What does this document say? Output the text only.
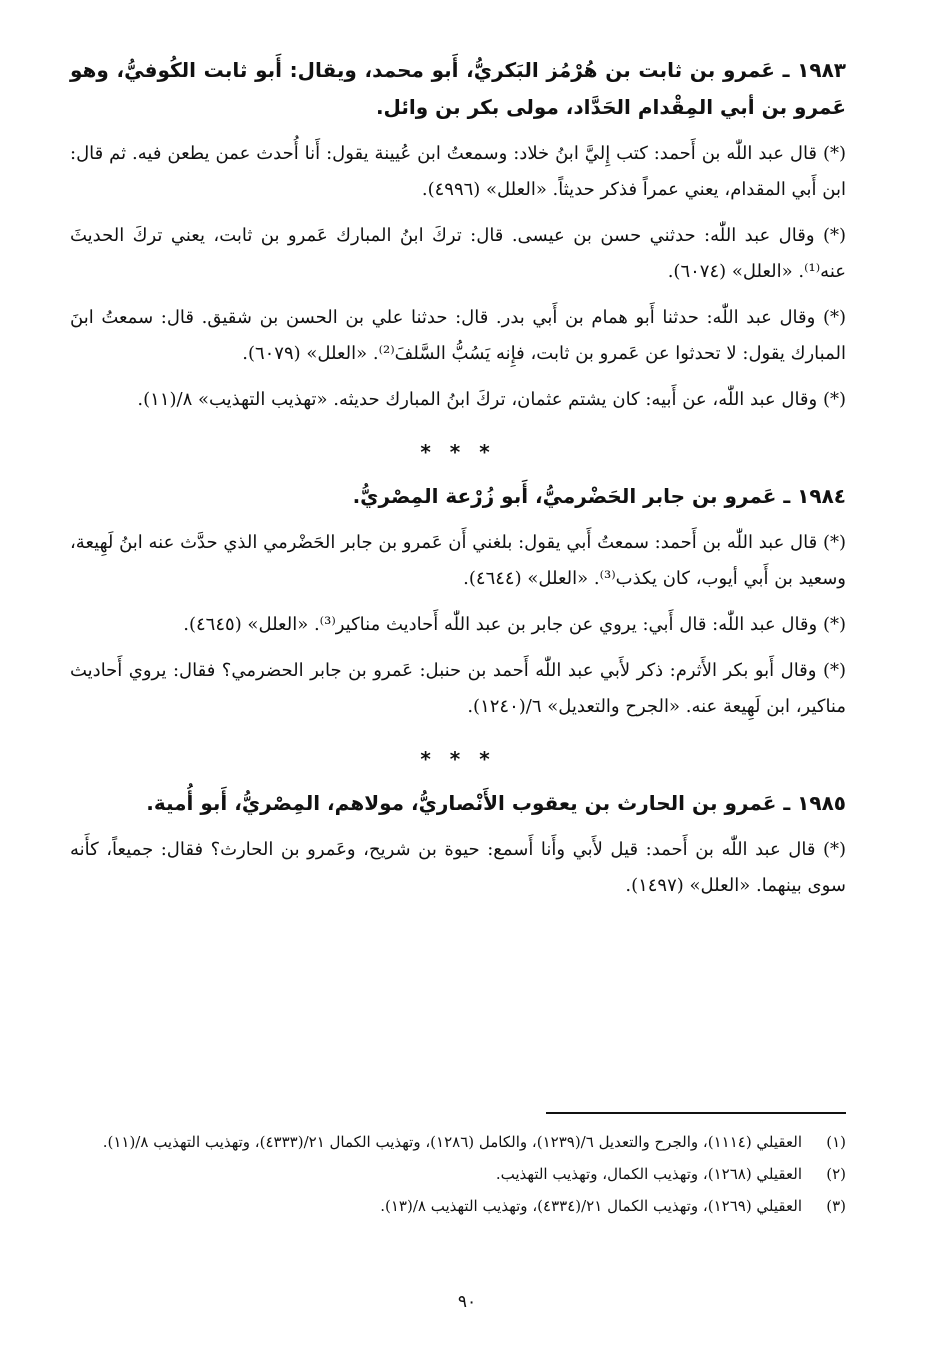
١٩٨٣ ـ عَمرو بن ثابت بن هُرْمُز البَكريُّ، أَبو محمد، ويقال: أَبو ثابت الكُوفيُّ، وهو عَمرو بن أبي المِقْدام الحَدَّاد، مولى بكر بن وائل.

(*) قال عبد اللّٰه بن أَحمد: كتب إِليَّ ابنُ خلاد: وسمعتُ ابن عُيينة يقول: أَنا أُحدث عمن يطعن فيه. ثم قال: ابن أَبي المقدام، يعني عمراً فذكر حديثاً. «العلل» (٤٩٩٦).

(*) وقال عبد اللّٰه: حدثني حسن بن عيسى. قال: تركَ ابنُ المبارك عَمرو بن ثابت، يعني تركَ الحديثَ عنه⁽¹⁾. «العلل» (٦٠٧٤).

(*) وقال عبد اللّٰه: حدثنا أَبو همام بن أَبي بدر. قال: حدثنا علي بن الحسن بن شقيق. قال: سمعتُ ابنَ المبارك يقول: لا تحدثوا عن عَمرو بن ثابت، فإِنه يَسُبُّ السَّلفَ⁽²⁾. «العلل» (٦٠٧٩).

(*) وقال عبد اللّٰه، عن أَبيه: كان يشتم عثمان، تركَ ابنُ المبارك حديثه. «تهذيب التهذيب» ٨/(١١).

* * *
١٩٨٤ ـ عَمرو بن جابر الحَضْرميُّ، أَبو زُرْعة المِصْريُّ.

(*) قال عبد اللّٰه بن أَحمد: سمعتُ أَبي يقول: بلغني أَن عَمرو بن جابر الحَضْرمي الذي حدَّث عنه ابنُ لَهِيعة، وسعيد بن أَبي أيوب، كان يكذب⁽³⁾. «العلل» (٤٦٤٤).

(*) وقال عبد اللّٰه: قال أَبي: يروي عن جابر بن عبد اللّٰه أَحاديث مناكير⁽³⁾. «العلل» (٤٦٤٥).

(*) وقال أَبو بكر الأَثرم: ذكر لأَبي عبد اللّٰه أَحمد بن حنبل: عَمرو بن جابر الحضرمي؟ فقال: يروي أَحاديث مناكير، ابن لَهِيعة عنه. «الجرح والتعديل» ٦/(١٢٤٠).

* * *
١٩٨٥ ـ عَمرو بن الحارث بن يعقوب الأَنْصاريُّ، مولاهم، المِصْريُّ، أَبو أُمية.

(*) قال عبد اللّٰه بن أَحمد: قيل لأَبي وأَنا أَسمع: حيوة بن شريح، وعَمرو بن الحارث؟ فقال: جميعاً، كأَنه سوى بينهما. «العلل» (١٤٩٧).

(١)
العقيلي (١١١٤)، والجرح والتعديل ٦/(١٢٣٩)، والكامل (١٢٨٦)، وتهذيب الكمال ٢١/(٤٣٣٣)، وتهذيب التهذيب ٨/(١١).
(٢)
العقيلي (١٢٦٨)، وتهذيب الكمال، وتهذيب التهذيب.
(٣)
العقيلي (١٢٦٩)، وتهذيب الكمال ٢١/(٤٣٣٤)، وتهذيب التهذيب ٨/(١٣).
٩٠
